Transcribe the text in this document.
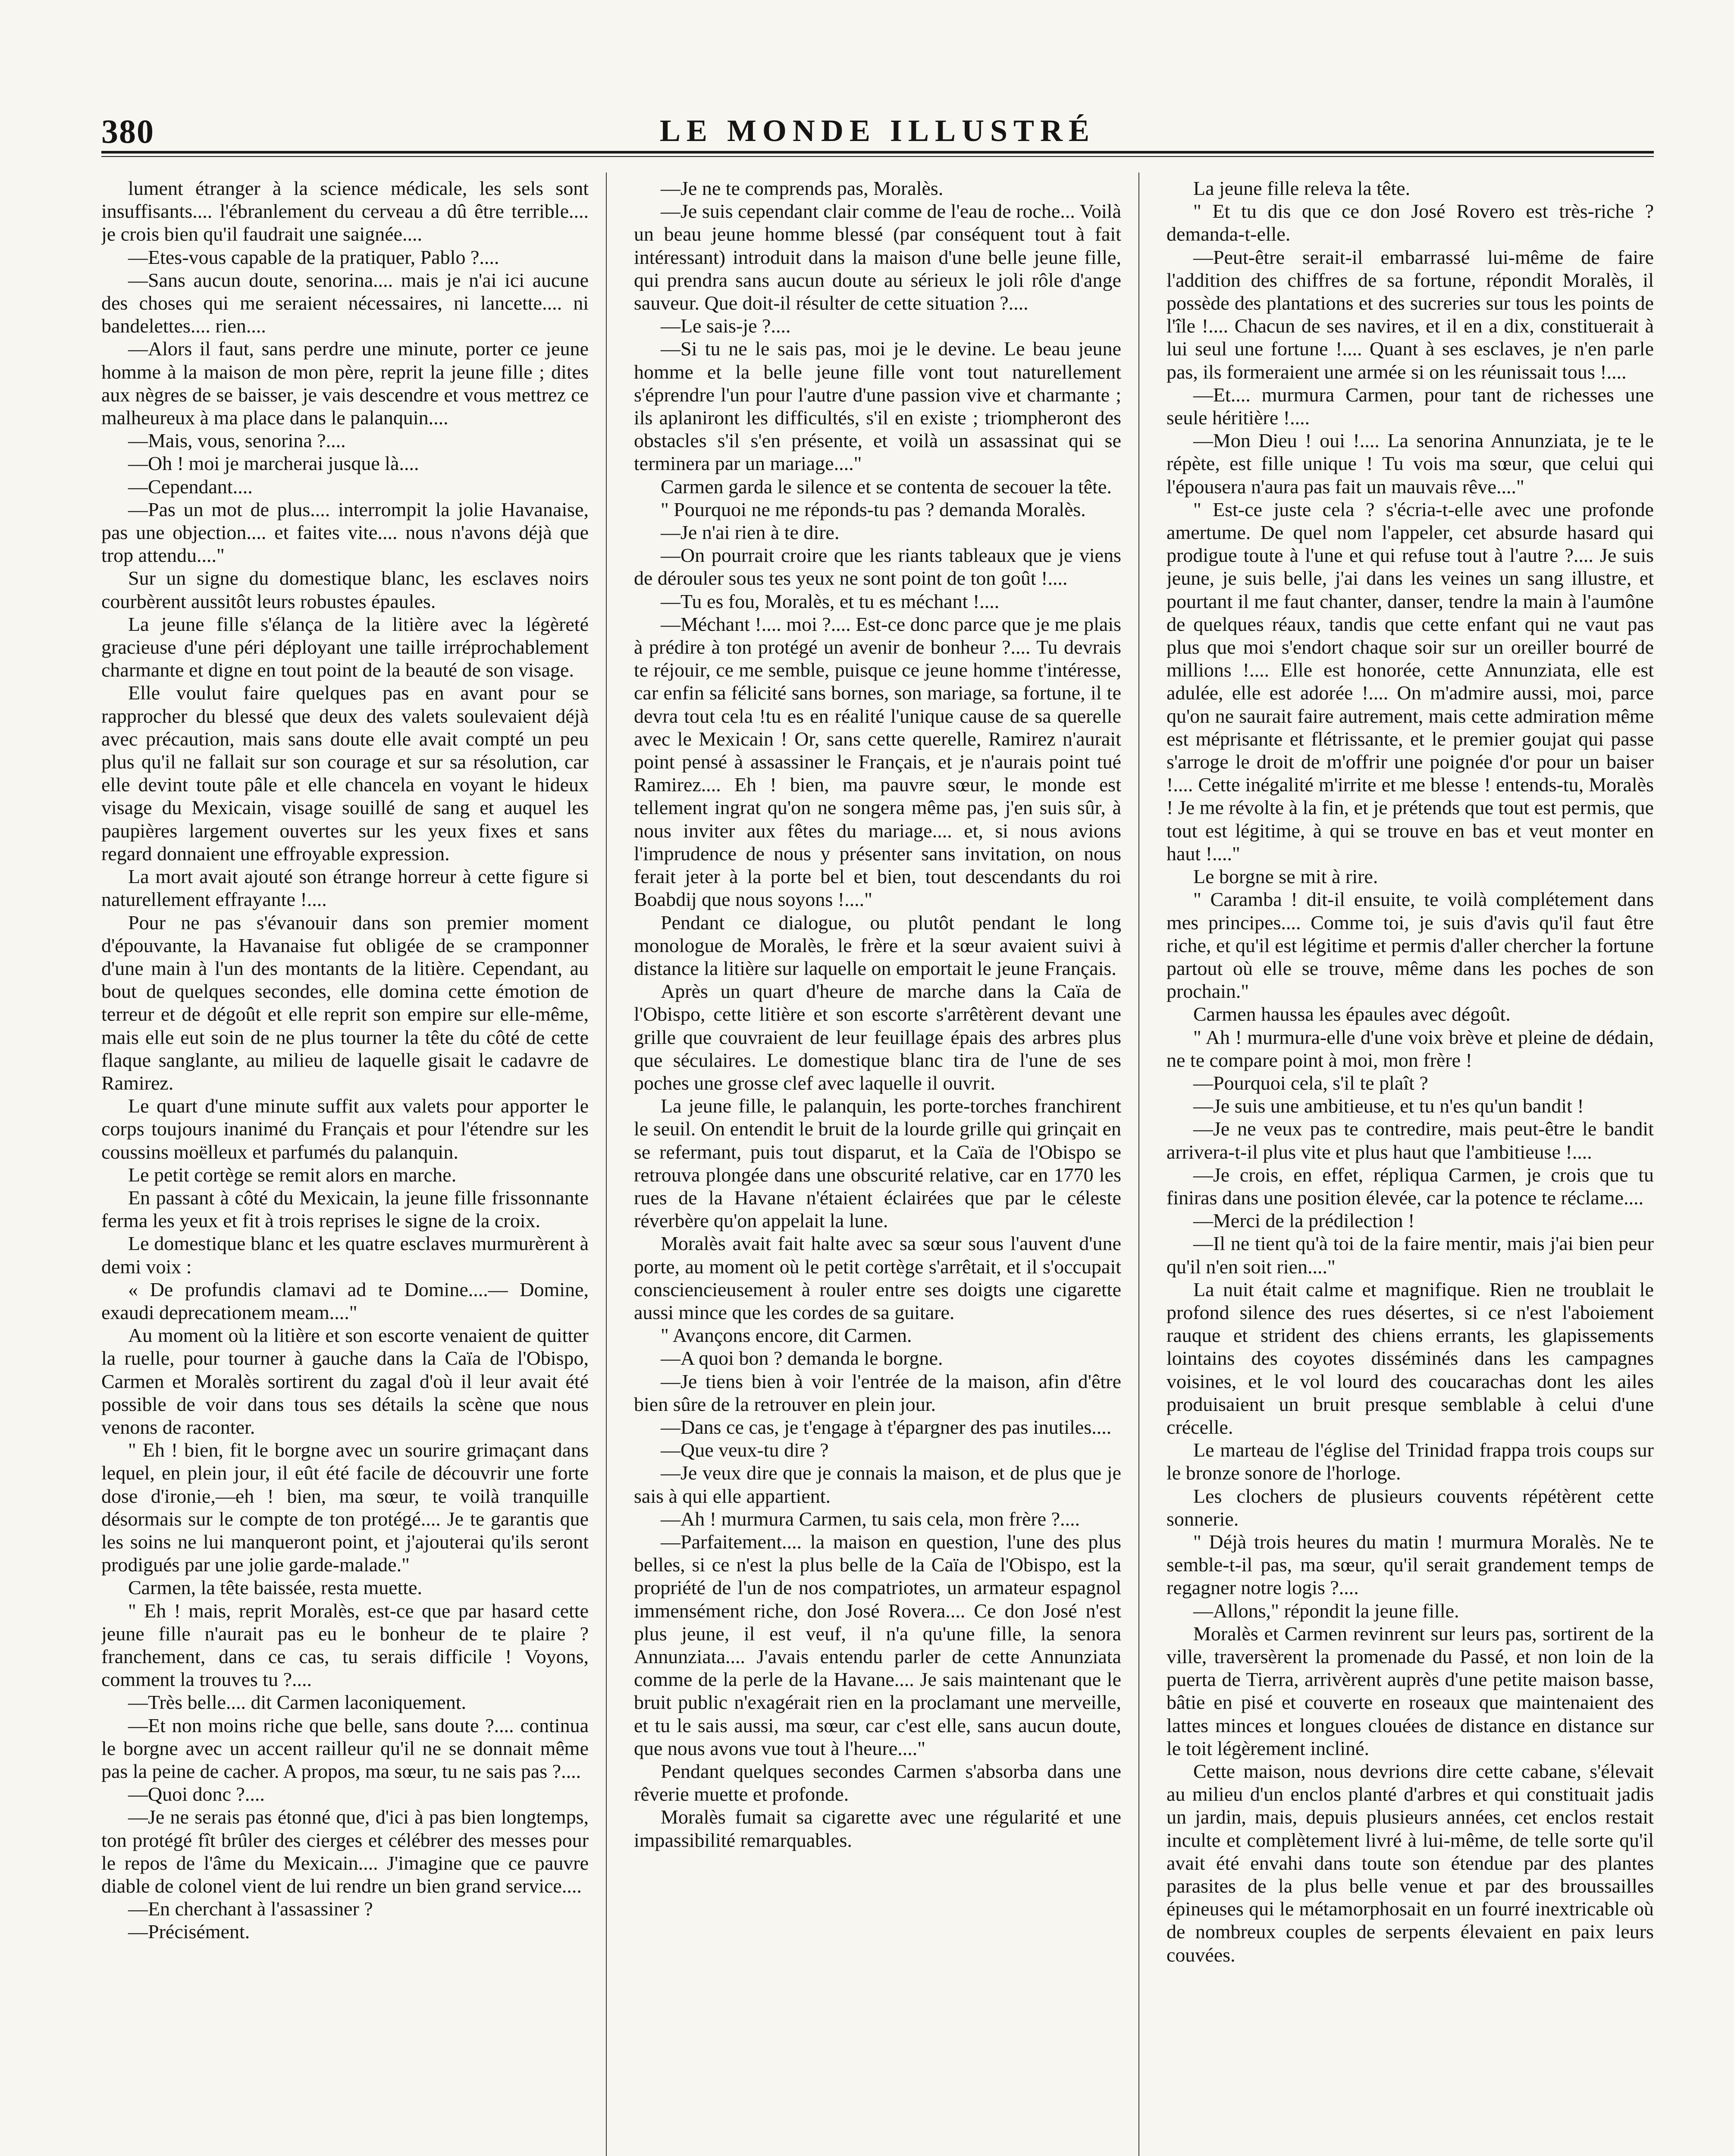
380	LE MONDE ILLUSTRÉ

lument étranger à la science médicale, les sels sont insuffisants.... l'ébranlement du cerveau a dû être terrible.... je crois bien qu'il faudrait une saignée....

—Etes-vous capable de la pratiquer, Pablo ?....

—Sans aucun doute, senorina.... mais je n'ai ici aucune des choses qui me seraient nécessaires, ni lancette.... ni bandelettes.... rien....

—Alors il faut, sans perdre une minute, porter ce jeune homme à la maison de mon père, reprit la jeune fille ; dites aux nègres de se baisser, je vais descendre et vous mettrez ce malheureux à ma place dans le palanquin....

—Mais, vous, senorina ?....

—Oh ! moi je marcherai jusque là....

—Cependant....

—Pas un mot de plus.... interrompit la jolie Havanaise, pas une objection.... et faites vite.... nous n'avons déjà que trop attendu...."

Sur un signe du domestique blanc, les esclaves noirs courbèrent aussitôt leurs robustes épaules.

La jeune fille s'élança de la litière avec la légèreté gracieuse d'une péri déployant une taille irréprochablement charmante et digne en tout point de la beauté de son visage.

Elle voulut faire quelques pas en avant pour se rapprocher du blessé que deux des valets soulevaient déjà avec précaution, mais sans doute elle avait compté un peu plus qu'il ne fallait sur son courage et sur sa résolution, car elle devint toute pâle et elle chancela en voyant le hideux visage du Mexicain, visage souillé de sang et auquel les paupières largement ouvertes sur les yeux fixes et sans regard donnaient une effroyable expression.

La mort avait ajouté son étrange horreur à cette figure si naturellement effrayante !....

Pour ne pas s'évanouir dans son premier moment d'épouvante, la Havanaise fut obligée de se cramponner d'une main à l'un des montants de la litière. Cependant, au bout de quelques secondes, elle domina cette émotion de terreur et de dégoût et elle reprit son empire sur elle-même, mais elle eut soin de ne plus tourner la tête du côté de cette flaque sanglante, au milieu de laquelle gisait le cadavre de Ramirez.

Le quart d'une minute suffit aux valets pour apporter le corps toujours inanimé du Français et pour l'étendre sur les coussins moëlleux et parfumés du palanquin.

Le petit cortège se remit alors en marche.

En passant à côté du Mexicain, la jeune fille frissonnante ferma les yeux et fit à trois reprises le signe de la croix.

Le domestique blanc et les quatre esclaves murmurèrent à demi voix :

« De profundis clamavi ad te Domine....— Domine, exaudi deprecationem meam...."

Au moment où la litière et son escorte venaient de quitter la ruelle, pour tourner à gauche dans la Caïa de l'Obispo, Carmen et Moralès sortirent du zagal d'où il leur avait été possible de voir dans tous ses détails la scène que nous venons de raconter.

" Eh ! bien, fit le borgne avec un sourire grimaçant dans lequel, en plein jour, il eût été facile de découvrir une forte dose d'ironie,—eh ! bien, ma sœur, te voilà tranquille désormais sur le compte de ton protégé.... Je te garantis que les soins ne lui manqueront point, et j'ajouterai qu'ils seront prodigués par une jolie garde-malade."

Carmen, la tête baissée, resta muette.

" Eh ! mais, reprit Moralès, est-ce que par hasard cette jeune fille n'aurait pas eu le bonheur de te plaire ? franchement, dans ce cas, tu serais difficile ! Voyons, comment la trouves tu ?....

—Très belle.... dit Carmen laconiquement.

—Et non moins riche que belle, sans doute ?.... continua le borgne avec un accent railleur qu'il ne se donnait même pas la peine de cacher. A propos, ma sœur, tu ne sais pas ?....

—Quoi donc ?....

—Je ne serais pas étonné que, d'ici à pas bien longtemps, ton protégé fît brûler des cierges et célébrer des messes pour le repos de l'âme du Mexicain.... J'imagine que ce pauvre diable de colonel vient de lui rendre un bien grand service....

—En cherchant à l'assassiner ?

—Précisément.

—Je ne te comprends pas, Moralès.

—Je suis cependant clair comme de l'eau de roche... Voilà un beau jeune homme blessé (par conséquent tout à fait intéressant) introduit dans la maison d'une belle jeune fille, qui prendra sans aucun doute au sérieux le joli rôle d'ange sauveur. Que doit-il résulter de cette situation ?....

—Le sais-je ?....

—Si tu ne le sais pas, moi je le devine. Le beau jeune homme et la belle jeune fille vont tout naturellement s'éprendre l'un pour l'autre d'une passion vive et charmante ; ils aplaniront les difficultés, s'il en existe ; triompheront des obstacles s'il s'en présente, et voilà un assassinat qui se terminera par un mariage...."

Carmen garda le silence et se contenta de secouer la tête.

" Pourquoi ne me réponds-tu pas ? demanda Moralès.

—Je n'ai rien à te dire.

—On pourrait croire que les riants tableaux que je viens de dérouler sous tes yeux ne sont point de ton goût !....

—Tu es fou, Moralès, et tu es méchant !....

—Méchant !.... moi ?.... Est-ce donc parce que je me plais à prédire à ton protégé un avenir de bonheur ?.... Tu devrais te réjouir, ce me semble, puisque ce jeune homme t'intéresse, car enfin sa félicité sans bornes, son mariage, sa fortune, il te devra tout cela !tu es en réalité l'unique cause de sa querelle avec le Mexicain ! Or, sans cette querelle, Ramirez n'aurait point pensé à assassiner le Français, et je n'aurais point tué Ramirez.... Eh ! bien, ma pauvre sœur, le monde est tellement ingrat qu'on ne songera même pas, j'en suis sûr, à nous inviter aux fêtes du mariage.... et, si nous avions l'imprudence de nous y présenter sans invitation, on nous ferait jeter à la porte bel et bien, tout descendants du roi Boabdij que nous soyons !...."

Pendant ce dialogue, ou plutôt pendant le long monologue de Moralès, le frère et la sœur avaient suivi à distance la litière sur laquelle on emportait le jeune Français.

Après un quart d'heure de marche dans la Caïa de l'Obispo, cette litière et son escorte s'arrêtèrent devant une grille que couvraient de leur feuillage épais des arbres plus que séculaires. Le domestique blanc tira de l'une de ses poches une grosse clef avec laquelle il ouvrit.

La jeune fille, le palanquin, les porte-torches franchirent le seuil. On entendit le bruit de la lourde grille qui grinçait en se refermant, puis tout disparut, et la Caïa de l'Obispo se retrouva plongée dans une obscurité relative, car en 1770 les rues de la Havane n'étaient éclairées que par le céleste réverbère qu'on appelait la lune.

Moralès avait fait halte avec sa sœur sous l'auvent d'une porte, au moment où le petit cortège s'arrêtait, et il s'occupait consciencieusement à rouler entre ses doigts une cigarette aussi mince que les cordes de sa guitare.

" Avançons encore, dit Carmen.

—A quoi bon ? demanda le borgne.

—Je tiens bien à voir l'entrée de la maison, afin d'être bien sûre de la retrouver en plein jour.

—Dans ce cas, je t'engage à t'épargner des pas inutiles....

—Que veux-tu dire ?

—Je veux dire que je connais la maison, et de plus que je sais à qui elle appartient.

—Ah ! murmura Carmen, tu sais cela, mon frère ?....

—Parfaitement.... la maison en question, l'une des plus belles, si ce n'est la plus belle de la Caïa de l'Obispo, est la propriété de l'un de nos compatriotes, un armateur espagnol immensément riche, don José Rovera.... Ce don José n'est plus jeune, il est veuf, il n'a qu'une fille, la senora Annunziata.... J'avais entendu parler de cette Annunziata comme de la perle de la Havane.... Je sais maintenant que le bruit public n'exagérait rien en la proclamant une merveille, et tu le sais aussi, ma sœur, car c'est elle, sans aucun doute, que nous avons vue tout à l'heure...."

Pendant quelques secondes Carmen s'absorba dans une rêverie muette et profonde.

Moralès fumait sa cigarette avec une régularité et une impassibilité remarquables.

La jeune fille releva la tête.

" Et tu dis que ce don José Rovero est très-riche ? demanda-t-elle.

—Peut-être serait-il embarrassé lui-même de faire l'addition des chiffres de sa fortune, répondit Moralès, il possède des plantations et des sucreries sur tous les points de l'île !.... Chacun de ses navires, et il en a dix, constituerait à lui seul une fortune !.... Quant à ses esclaves, je n'en parle pas, ils formeraient une armée si on les réunissait tous !....

—Et.... murmura Carmen, pour tant de richesses une seule héritière !....

—Mon Dieu ! oui !.... La senorina Annunziata, je te le répète, est fille unique ! Tu vois ma sœur, que celui qui l'épousera n'aura pas fait un mauvais rêve...."

" Est-ce juste cela ? s'écria-t-elle avec une profonde amertume. De quel nom l'appeler, cet absurde hasard qui prodigue toute à l'une et qui refuse tout à l'autre ?.... Je suis jeune, je suis belle, j'ai dans les veines un sang illustre, et pourtant il me faut chanter, danser, tendre la main à l'aumône de quelques réaux, tandis que cette enfant qui ne vaut pas plus que moi s'endort chaque soir sur un oreiller bourré de millions !.... Elle est honorée, cette Annunziata, elle est adulée, elle est adorée !.... On m'admire aussi, moi, parce qu'on ne saurait faire autrement, mais cette admiration même est méprisante et flétrissante, et le premier goujat qui passe s'arroge le droit de m'offrir une poignée d'or pour un baiser !.... Cette inégalité m'irrite et me blesse ! entends-tu, Moralès ! Je me révolte à la fin, et je prétends que tout est permis, que tout est légitime, à qui se trouve en bas et veut monter en haut !...."

Le borgne se mit à rire.

" Caramba ! dit-il ensuite, te voilà complétement dans mes principes.... Comme toi, je suis d'avis qu'il faut être riche, et qu'il est légitime et permis d'aller chercher la fortune partout où elle se trouve, même dans les poches de son prochain."

Carmen haussa les épaules avec dégoût.

" Ah ! murmura-elle d'une voix brève et pleine de dédain, ne te compare point à moi, mon frère !

—Pourquoi cela, s'il te plaît ?

—Je suis une ambitieuse, et tu n'es qu'un bandit !

—Je ne veux pas te contredire, mais peut-être le bandit arrivera-t-il plus vite et plus haut que l'ambitieuse !....

—Je crois, en effet, répliqua Carmen, je crois que tu finiras dans une position élevée, car la potence te réclame....

—Merci de la prédilection !

—Il ne tient qu'à toi de la faire mentir, mais j'ai bien peur qu'il n'en soit rien...."

La nuit était calme et magnifique. Rien ne troublait le profond silence des rues désertes, si ce n'est l'aboiement rauque et strident des chiens errants, les glapissements lointains des coyotes disséminés dans les campagnes voisines, et le vol lourd des coucarachas dont les ailes produisaient un bruit presque semblable à celui d'une crécelle.

Le marteau de l'église del Trinidad frappa trois coups sur le bronze sonore de l'horloge.

Les clochers de plusieurs couvents répétèrent cette sonnerie.

" Déjà trois heures du matin ! murmura Moralès. Ne te semble-t-il pas, ma sœur, qu'il serait grandement temps de regagner notre logis ?....

—Allons," répondit la jeune fille.

Moralès et Carmen revinrent sur leurs pas, sortirent de la ville, traversèrent la promenade du Passé, et non loin de la puerta de Tierra, arrivèrent auprès d'une petite maison basse, bâtie en pisé et couverte en roseaux que maintenaient des lattes minces et longues clouées de distance en distance sur le toit légèrement incliné.

Cette maison, nous devrions dire cette cabane, s'élevait au milieu d'un enclos planté d'arbres et qui constituait jadis un jardin, mais, depuis plusieurs années, cet enclos restait inculte et complètement livré à lui-même, de telle sorte qu'il avait été envahi dans toute son étendue par des plantes parasites de la plus belle venue et par des broussailles épineuses qui le métamorphosait en un fourré inextricable où de nombreux couples de serpents élevaient en paix leurs couvées.
